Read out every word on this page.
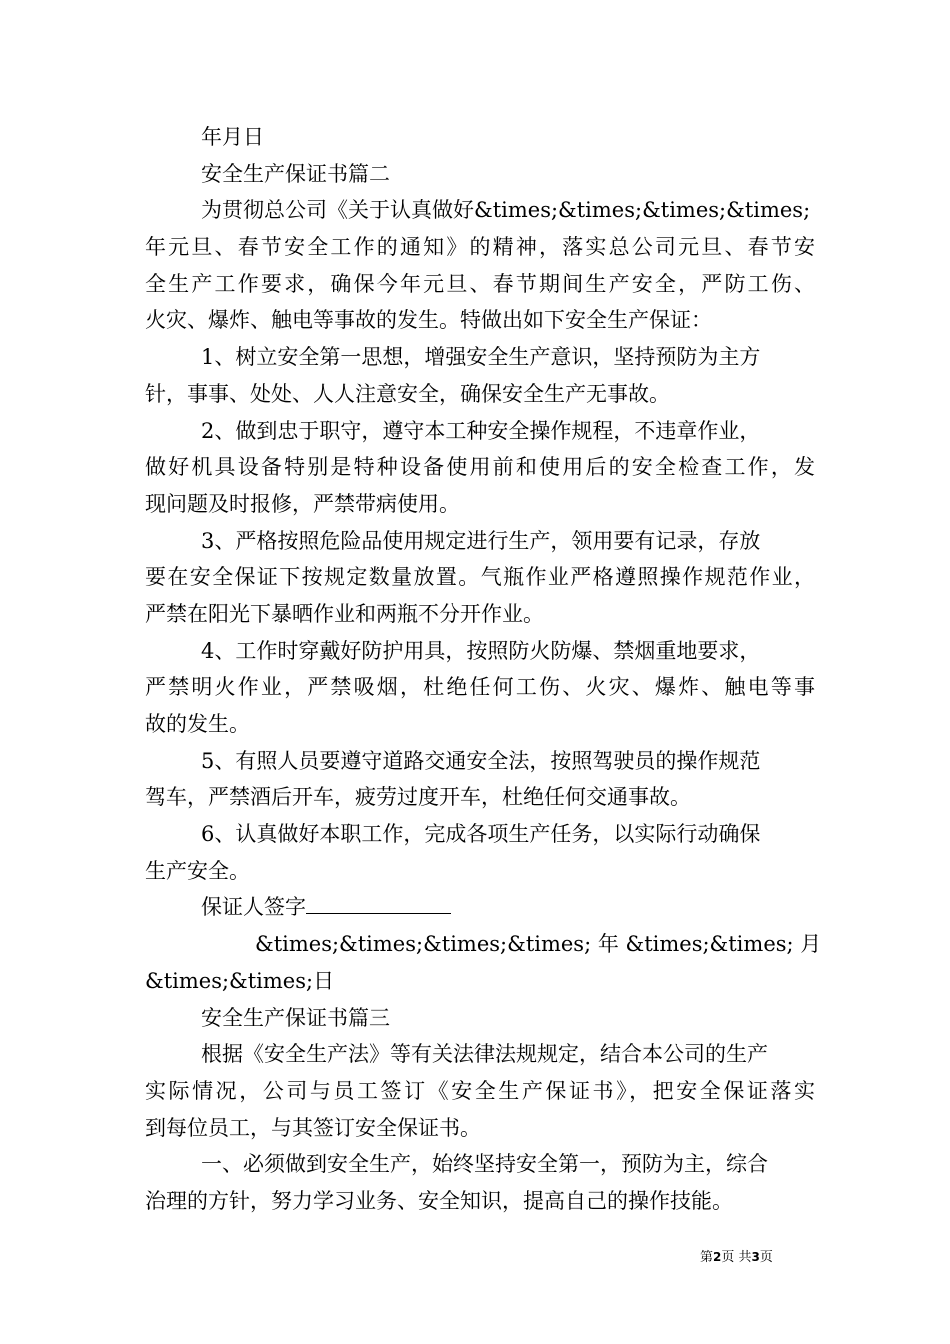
年月日
安全生产保证书篇二
为贯彻总公司《关于认真做好&times;&times;&times;&times;
年元旦、春节安全工作的通知》的精神，落实总公司元旦、春节安
全生产工作要求，确保今年元旦、春节期间生产安全，严防工伤、
火灾、爆炸、触电等事故的发生。特做出如下安全生产保证：
1、树立安全第一思想，增强安全生产意识，坚持预防为主方
针，事事、处处、人人注意安全，确保安全生产无事故。
2、做到忠于职守，遵守本工种安全操作规程，不违章作业，
做好机具设备特别是特种设备使用前和使用后的安全检查工作，发
现问题及时报修，严禁带病使用。
3、严格按照危险品使用规定进行生产，领用要有记录，存放
要在安全保证下按规定数量放置。气瓶作业严格遵照操作规范作业，
严禁在阳光下暴晒作业和两瓶不分开作业。
4、工作时穿戴好防护用具，按照防火防爆、禁烟重地要求，
严禁明火作业，严禁吸烟，杜绝任何工伤、火灾、爆炸、触电等事
故的发生。
5、有照人员要遵守道路交通安全法，按照驾驶员的操作规范
驾车，严禁酒后开车，疲劳过度开车，杜绝任何交通事故。
6、认真做好本职工作，完成各项生产任务，以实际行动确保
生产安全。
保证人签字
&times;&times;&times;&times; 年 &times;&times; 月
&times;&times;日
安全生产保证书篇三
根据《安全生产法》等有关法律法规规定，结合本公司的生产
实际情况，公司与员工签订《安全生产保证书》，把安全保证落实
到每位员工，与其签订安全保证书。
一、必须做到安全生产，始终坚持安全第一，预防为主，综合
治理的方针，努力学习业务、安全知识，提高自己的操作技能。
第2页 共3页
